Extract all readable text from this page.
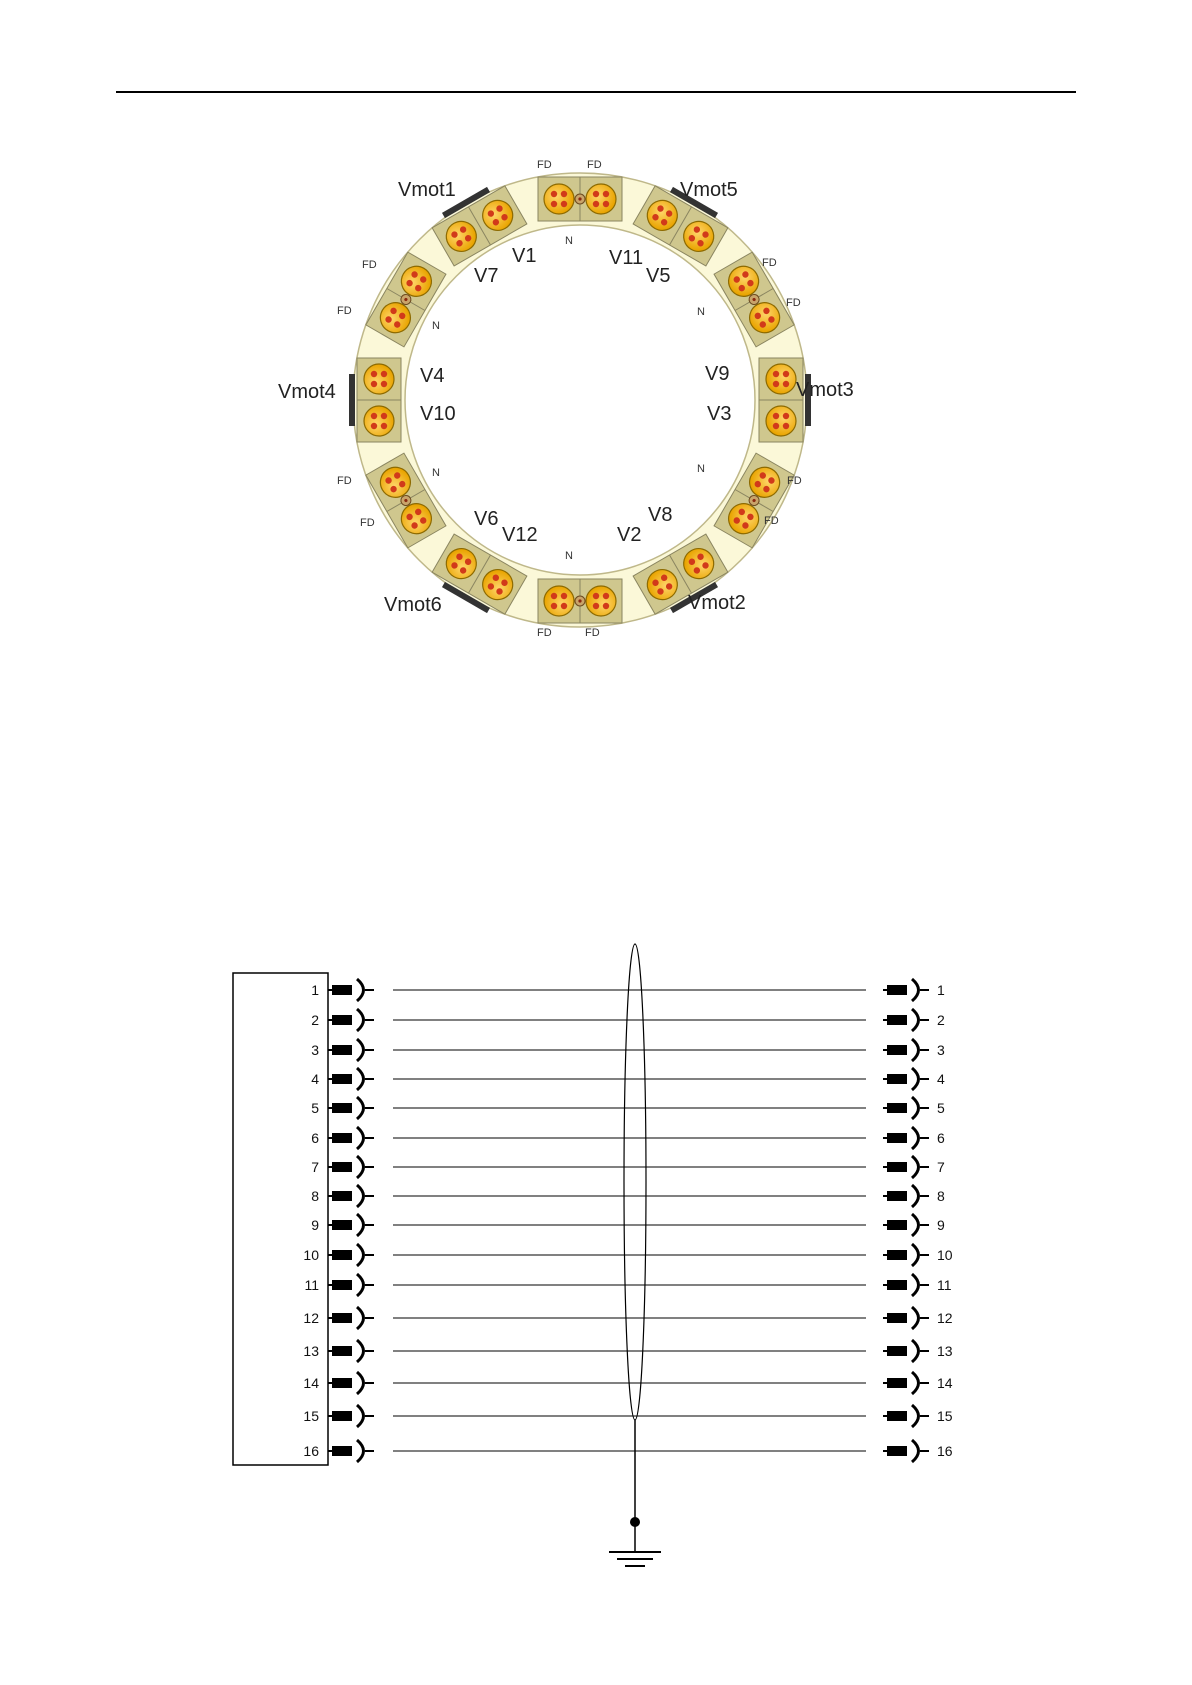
Vmot1	Vmot5
Vmot4	Vmot3
Vmot6	Vmot2
V1	V11
V7	V5
V4	V9
V10	V3
V6	V8
V12	V2
FD	FD
FD
FD
FD
FD
FD
FD
FD
FD
FD	FD
N
N
N
N	N
N
1	1
2	2
3	3
4	4
5	5
6	6
7	7
8	8
9	9
10	10
11	11
12	12
13	13
14	14
15	15
16	16
